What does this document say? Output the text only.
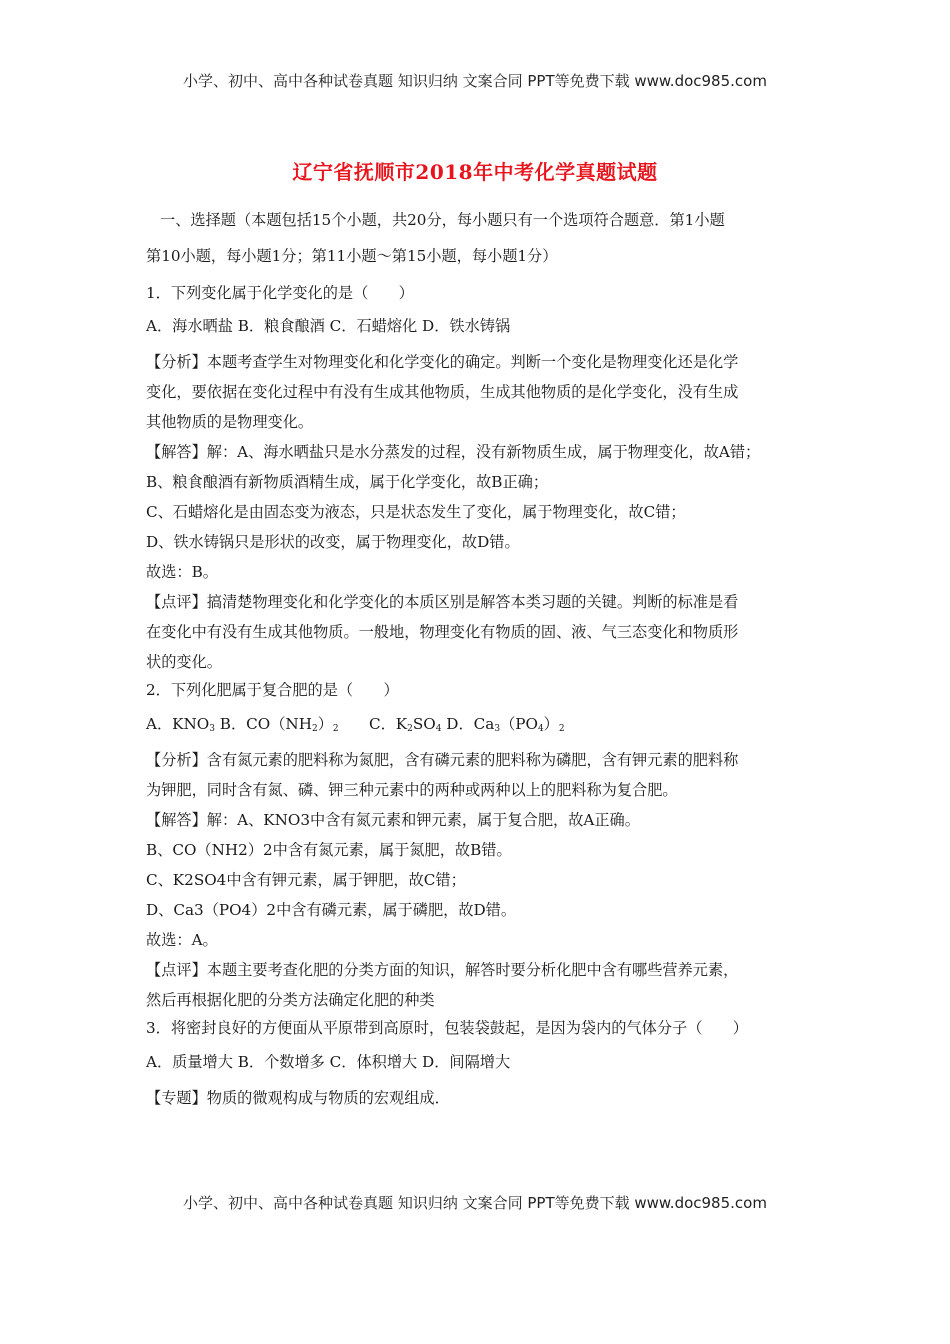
小学、初中、高中各种试卷真题 知识归纳 文案合同 PPT等免费下载 www.doc985.com
辽宁省抚顺市2018年中考化学真题试题
一、选择题（本题包括15个小题，共20分，每小题只有一个选项符合题意．第1小题
第10小题，每小题1分；第11小题～第15小题，每小题1分）
1．下列变化属于化学变化的是（　　）
A．海水晒盐 B．粮食酿酒 C．石蜡熔化 D．铁水铸锅
【分析】本题考查学生对物理变化和化学变化的确定。判断一个变化是物理变化还是化学
变化，要依据在变化过程中有没有生成其他物质，生成其他物质的是化学变化，没有生成
其他物质的是物理变化。
【解答】解：A、海水晒盐只是水分蒸发的过程，没有新物质生成，属于物理变化，故A错；
B、粮食酿酒有新物质酒精生成，属于化学变化，故B正确；
C、石蜡熔化是由固态变为液态，只是状态发生了变化，属于物理变化，故C错；
D、铁水铸锅只是形状的改变，属于物理变化，故D错。
故选：B。
【点评】搞清楚物理变化和化学变化的本质区别是解答本类习题的关键。判断的标准是看
在变化中有没有生成其他物质。一般地，物理变化有物质的固、液、气三态变化和物质形
状的变化。
2．下列化肥属于复合肥的是（　　）
A．$KNO_3$ B．$CO(NH_2)_2$　　C．$K_2SO_4$ D．$Ca_3(PO_4)_2$
【分析】含有氮元素的肥料称为氮肥，含有磷元素的肥料称为磷肥，含有钾元素的肥料称
为钾肥，同时含有氮、磷、钾三种元素中的两种或两种以上的肥料称为复合肥。
【解答】解：A、KNO3中含有氮元素和钾元素，属于复合肥，故A正确。
B、CO（NH2）2中含有氮元素，属于氮肥，故B错。
C、K2SO4中含有钾元素，属于钾肥，故C错；
D、Ca3（PO4）2中含有磷元素，属于磷肥，故D错。
故选：A。
【点评】本题主要考查化肥的分类方面的知识，解答时要分析化肥中含有哪些营养元素，
然后再根据化肥的分类方法确定化肥的种类
3．将密封良好的方便面从平原带到高原时，包装袋鼓起，是因为袋内的气体分子（　　）
A．质量增大 B．个数增多 C．体积增大 D．间隔增大
【专题】物质的微观构成与物质的宏观组成．
小学、初中、高中各种试卷真题 知识归纳 文案合同 PPT等免费下载 www.doc985.com
